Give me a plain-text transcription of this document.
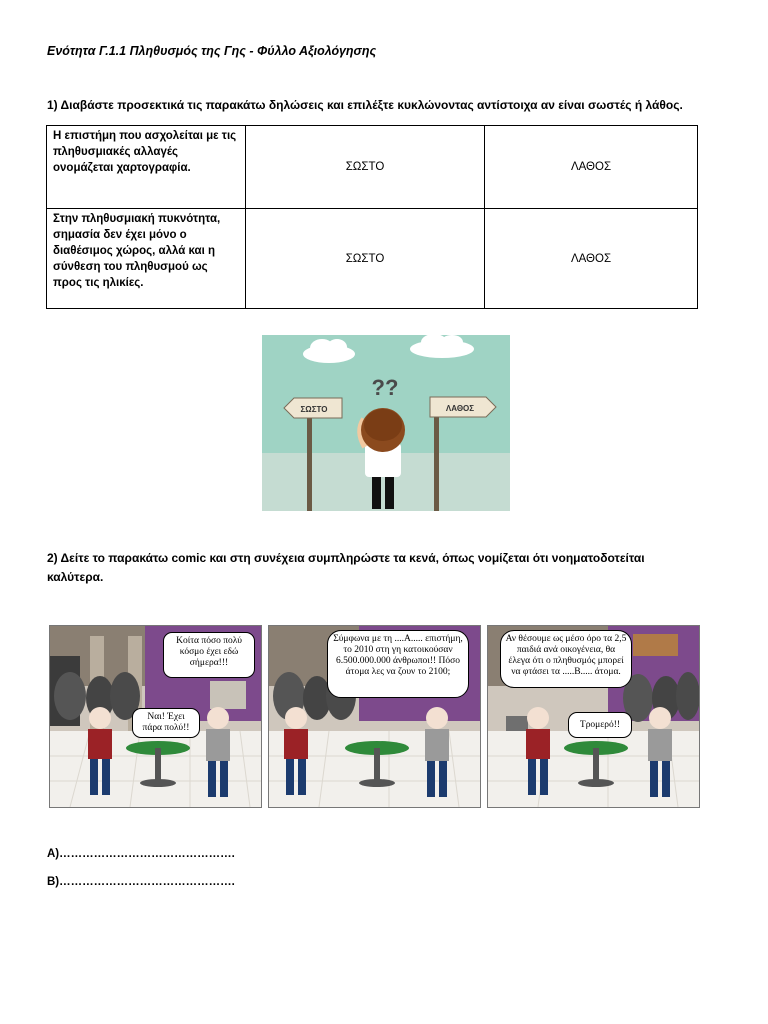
Ενότητα Γ.1.1 Πληθυσμός της Γης - Φύλλο Αξιολόγησης
1) Διαβάστε προσεκτικά τις παρακάτω δηλώσεις και επιλέξτε κυκλώνοντας αντίστοιχα αν είναι σωστές ή λάθος.
Η επιστήμη που ασχολείται με τις πληθυσμιακές αλλαγές ονομάζεται χαρτογραφία.	ΣΩΣΤΟ	ΛΑΘΟΣ
Στην πληθυσμιακή πυκνότητα, σημασία δεν έχει μόνο ο διαθέσιμος χώρος, αλλά και η σύνθεση του πληθυσμού ως προς τις ηλικίες.	ΣΩΣΤΟ	ΛΑΘΟΣ
ΣΩΣΤΟ	ΛΑΘΟΣ
??
2) Δείτε το παρακάτω comic και στη συνέχεια συμπληρώστε τα κενά, όπως νομίζεται ότι νοηματοδοτείται
καλύτερα.
Κοίτα πόσο πολύ κόσμο έχει εδώ σήμερα!!!
Ναι! Έχει πάρα πολύ!!
Σύμφωνα με τη ....Α..... επιστήμη, το 2010 στη γη κατοικούσαν 6.500.000.000 άνθρωποι!! Πόσο άτομα λες να ζουν το 2100;
Αν θέσουμε ως μέσο όρο τα 2,5 παιδιά ανά οικογένεια, θα έλεγα ότι ο πληθυσμός μπορεί να φτάσει τα .....Β..... άτομα.
Τρομερό!!
Α)……………………………………….
Β)……………………………………….
